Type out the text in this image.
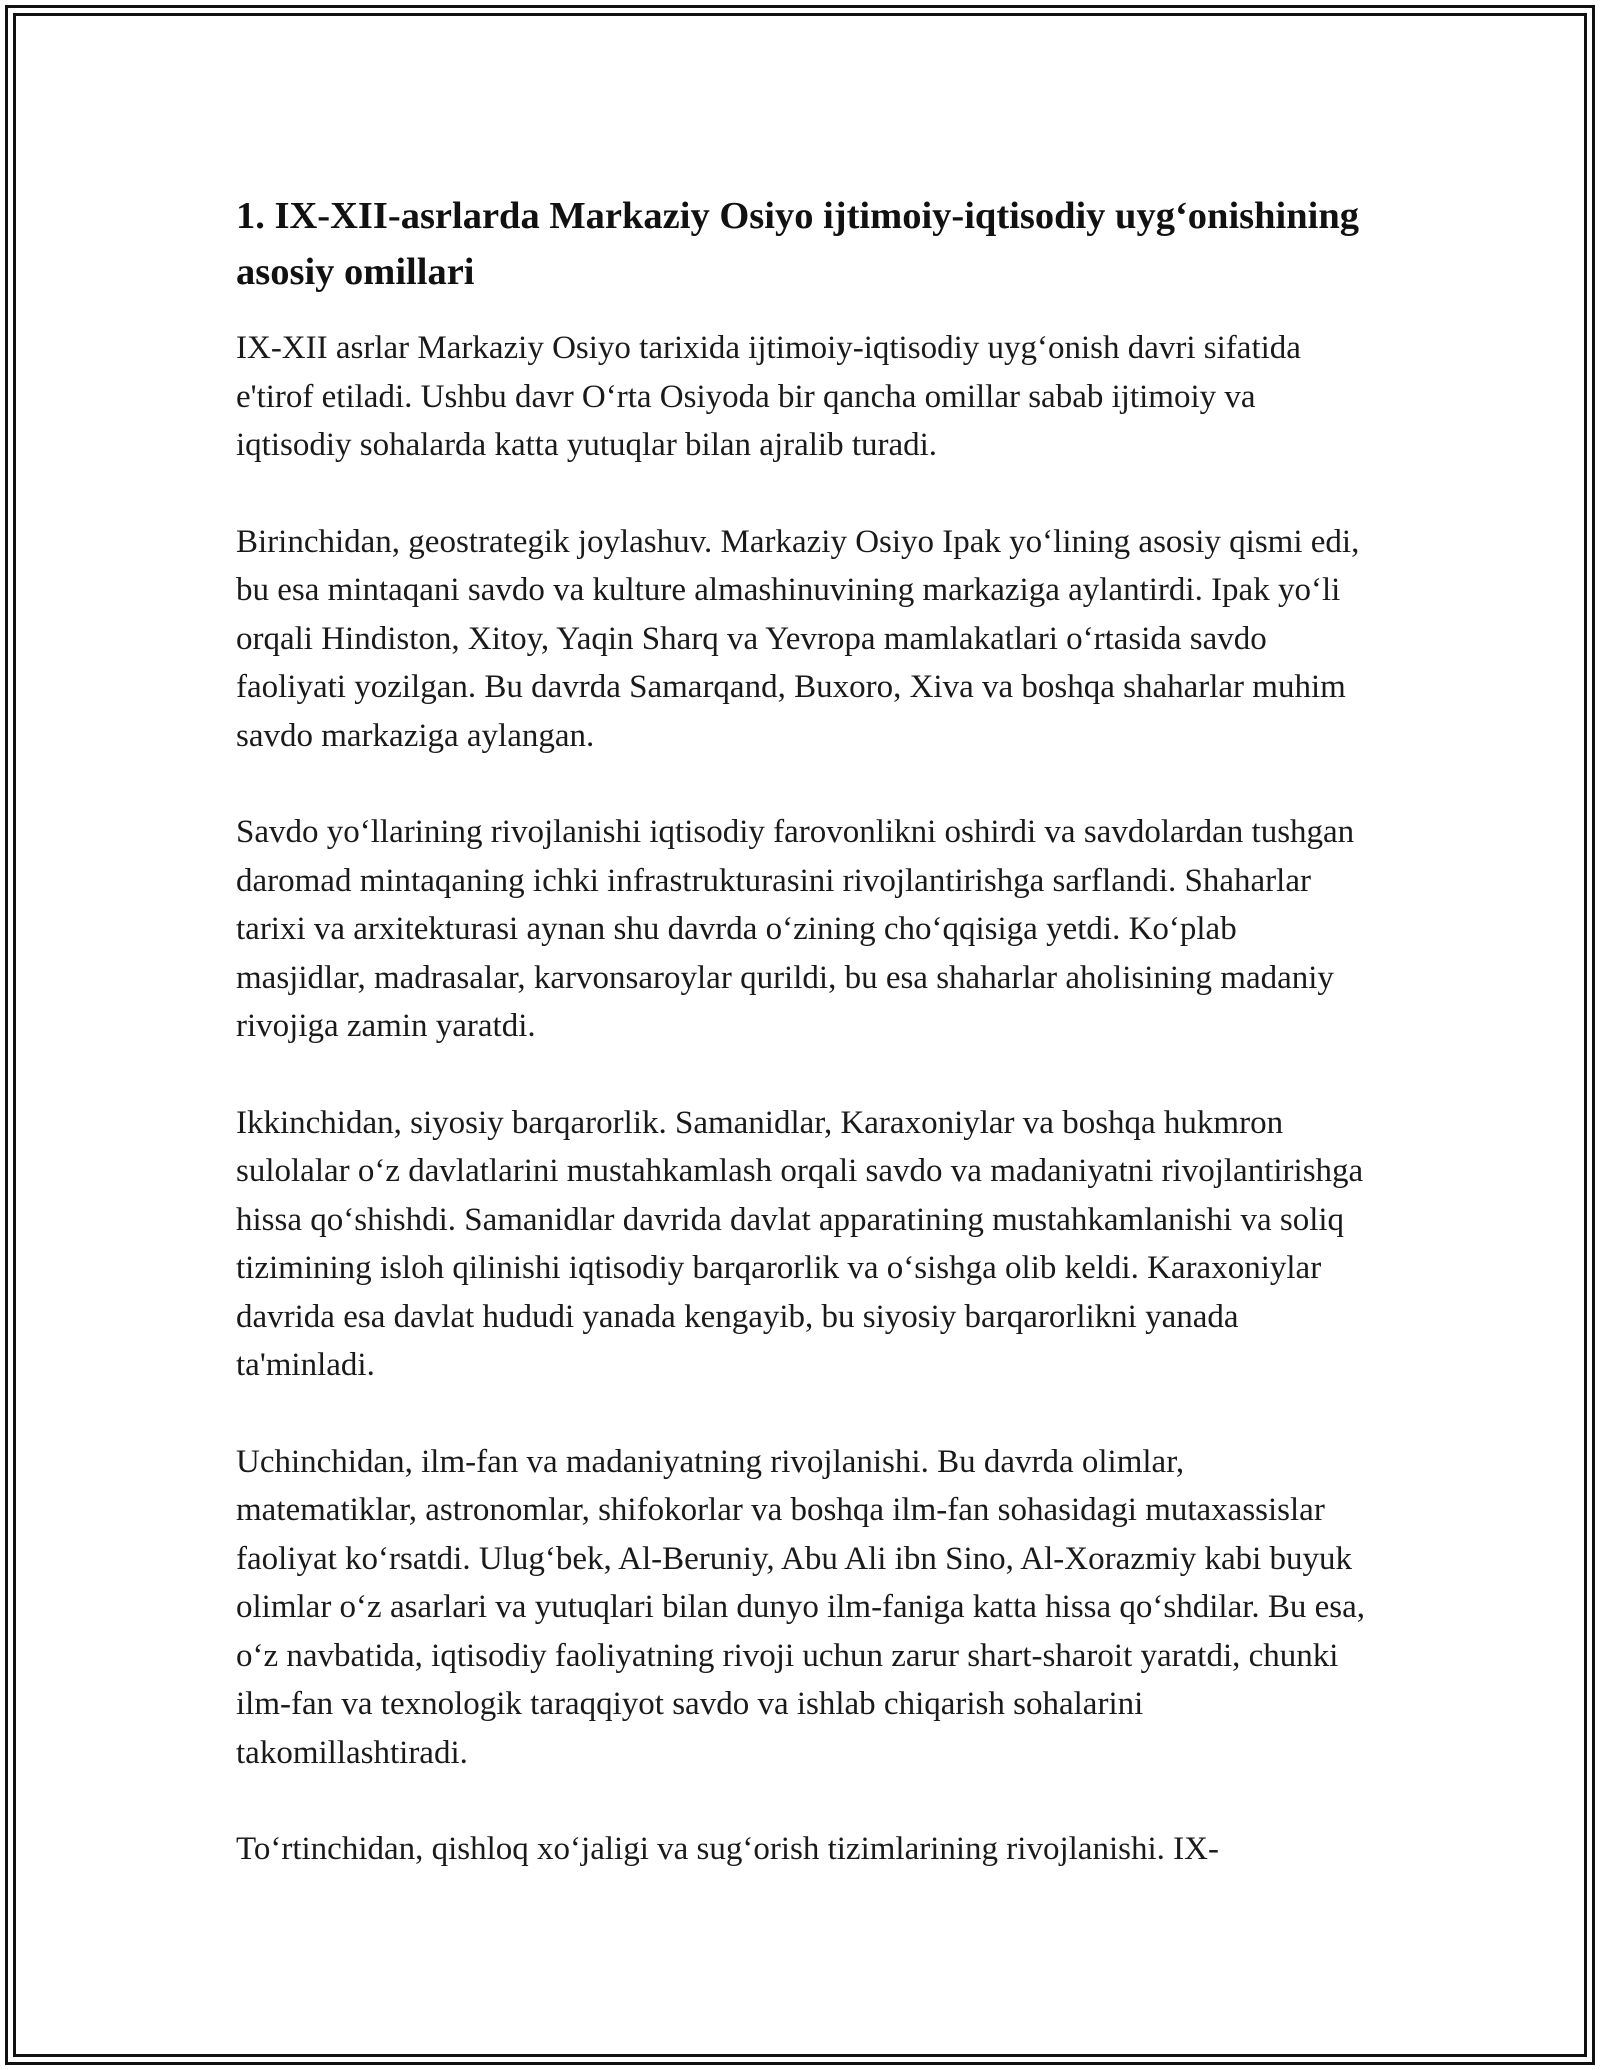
1. IX-XII-asrlarda Markaziy Osiyo ijtimoiy-iqtisodiy uygʻonishining asosiy omillari

IX-XII asrlar Markaziy Osiyo tarixida ijtimoiy-iqtisodiy uygʻonish davri sifatida e'tirof etiladi. Ushbu davr Oʻrta Osiyoda bir qancha omillar sabab ijtimoiy va iqtisodiy sohalarda katta yutuqlar bilan ajralib turadi.

Birinchidan, geostrategik joylashuv. Markaziy Osiyo Ipak yoʻlining asosiy qismi edi, bu esa mintaqani savdo va kulture almashinuvining markaziga aylantirdi. Ipak yoʻli orqali Hindiston, Xitoy, Yaqin Sharq va Yevropa mamlakatlari oʻrtasida savdo faoliyati yozilgan. Bu davrda Samarqand, Buxoro, Xiva va boshqa shaharlar muhim savdo markaziga aylangan.

Savdo yoʻllarining rivojlanishi iqtisodiy farovonlikni oshirdi va savdolardan tushgan daromad mintaqaning ichki infrastrukturasini rivojlantirishga sarflandi. Shaharlar tarixi va arxitekturasi aynan shu davrda oʻzining choʻqqisiga yetdi. Koʻplab masjidlar, madrasalar, karvonsaroylar qurildi, bu esa shaharlar aholisining madaniy rivojiga zamin yaratdi.

Ikkinchidan, siyosiy barqarorlik. Samanidlar, Karaxoniylar va boshqa hukmron sulolalar oʻz davlatlarini mustahkamlash orqali savdo va madaniyatni rivojlantirishga hissa qoʻshishdi. Samanidlar davrida davlat apparatining mustahkamlanishi va soliq tizimining isloh qilinishi iqtisodiy barqarorlik va oʻsishga olib keldi. Karaxoniylar davrida esa davlat hududi yanada kengayib, bu siyosiy barqarorlikni yanada ta'minladi.

Uchinchidan, ilm-fan va madaniyatning rivojlanishi. Bu davrda olimlar, matematiklar, astronomlar, shifokorlar va boshqa ilm-fan sohasidagi mutaxassislar faoliyat koʻrsatdi. Ulugʻbek, Al-Beruniy, Abu Ali ibn Sino, Al-Xorazmiy kabi buyuk olimlar oʻz asarlari va yutuqlari bilan dunyo ilm-faniga katta hissa qoʻshdilar. Bu esa, oʻz navbatida, iqtisodiy faoliyatning rivoji uchun zarur shart-sharoit yaratdi, chunki ilm-fan va texnologik taraqqiyot savdo va ishlab chiqarish sohalarini takomillashtiradi.

Toʻrtinchidan, qishloq xoʻjaligi va sugʻorish tizimlarining rivojlanishi. IX-
